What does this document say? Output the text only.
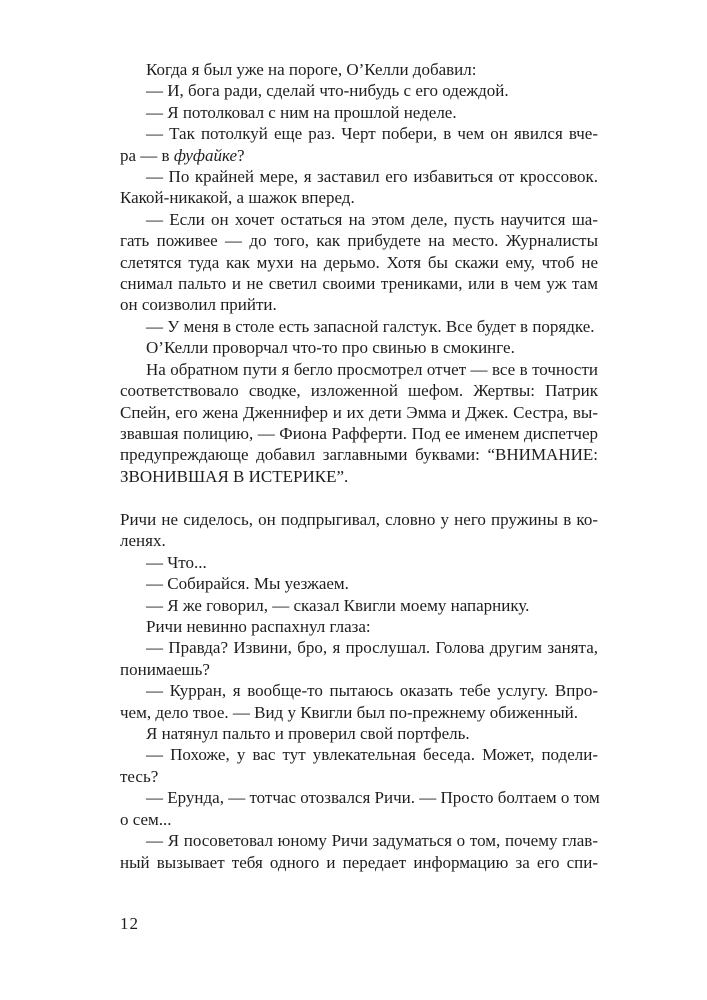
Когда я был уже на пороге, О’Келли добавил:
— И, бога ради, сделай что-нибудь с его одеждой.
— Я потолковал с ним на прошлой неделе.
— Так потолкуй еще раз. Черт побери, в чем он явился вче-
ра — в фуфайке?
— По крайней мере, я заставил его избавиться от кроссовок.
Какой-никакой, а шажок вперед.
— Если он хочет остаться на этом деле, пусть научится ша-
гать поживее — до того, как прибудете на место. Журналисты
слетятся туда как мухи на дерьмо. Хотя бы скажи ему, чтоб не
снимал пальто и не светил своими трениками, или в чем уж там
он соизволил прийти.
— У меня в столе есть запасной галстук. Все будет в порядке.
О’Келли проворчал что-то про свинью в смокинге.
На обратном пути я бегло просмотрел отчет — все в точности
соответствовало сводке, изложенной шефом. Жертвы: Патрик
Спейн, его жена Дженнифер и их дети Эмма и Джек. Сестра, вы-
звавшая полицию, — Фиона Рафферти. Под ее именем диспетчер
предупреждающе добавил заглавными буквами: “ВНИМАНИЕ:
ЗВОНИВШАЯ В ИСТЕРИКЕ”.
Ричи не сиделось, он подпрыгивал, словно у него пружины в ко-
ленях.
— Что...
— Собирайся. Мы уезжаем.
— Я же говорил, — сказал Квигли моему напарнику.
Ричи невинно распахнул глаза:
— Правда? Извини, бро, я прослушал. Голова другим занята,
понимаешь?
— Курран, я вообще-то пытаюсь оказать тебе услугу. Впро-
чем, дело твое. — Вид у Квигли был по-прежнему обиженный.
Я натянул пальто и проверил свой портфель.
— Похоже, у вас тут увлекательная беседа. Может, подели-
тесь?
— Ерунда, — тотчас отозвался Ричи. — Просто болтаем о том
о сем...
— Я посоветовал юному Ричи задуматься о том, почему глав-
ный вызывает тебя одного и передает информацию за его спи-
12
